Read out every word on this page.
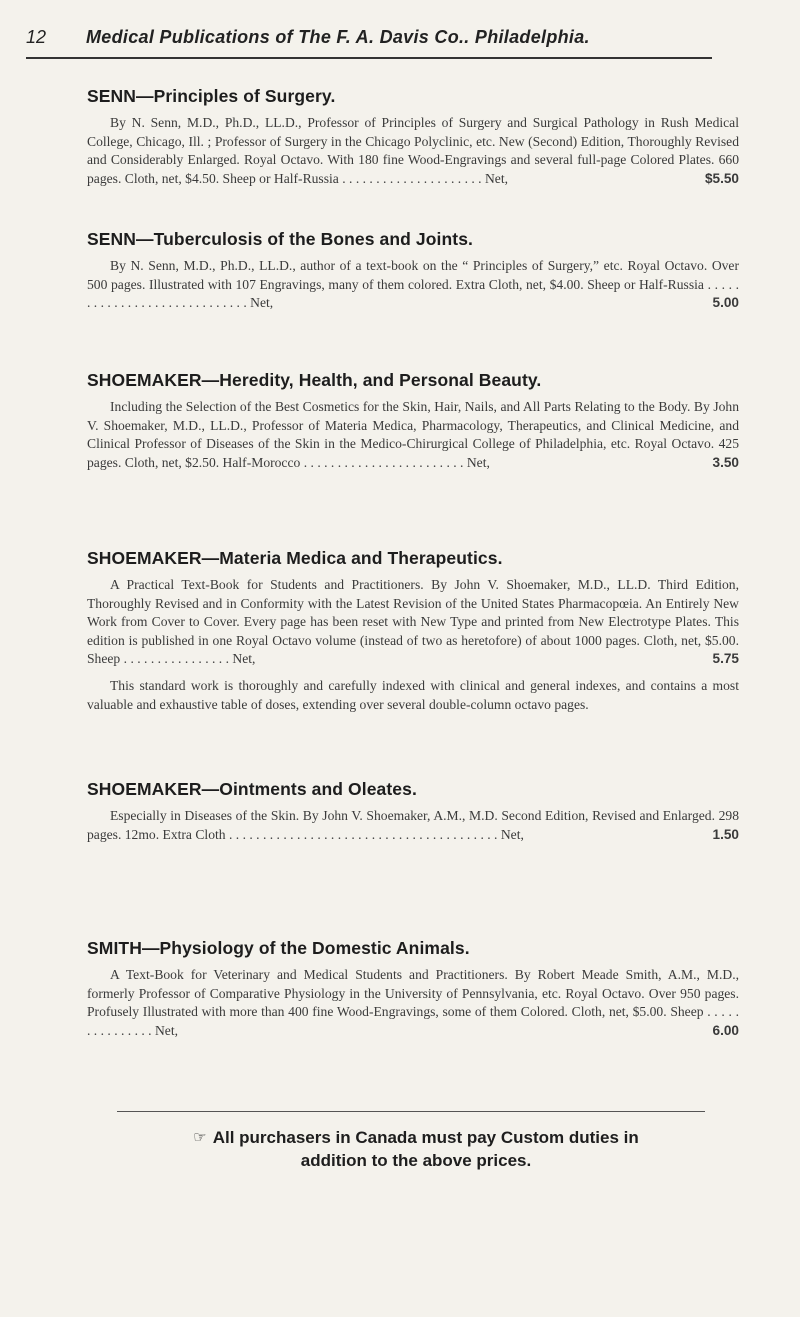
12 Medical Publications of The F. A. Davis Co.. Philadelphia.
SENN—Principles of Surgery.
By N. Senn, M.D., Ph.D., LL.D., Professor of Principles of Surgery and Surgical Pathology in Rush Medical College, Chicago, Ill. ; Professor of Surgery in the Chicago Polyclinic, etc. New (Second) Edition, Thoroughly Revised and Considerably Enlarged. Royal Octavo. With 180 fine Wood-Engravings and several full-page Colored Plates. 660 pages. Cloth, net, $4.50. Sheep or Half-Russia . . . . . . . . . . . . . . . . . . . . . Net,	$5.50
SENN—Tuberculosis of the Bones and Joints.
By N. Senn, M.D., Ph.D., LL.D., author of a text-book on the “ Principles of Surgery,” etc. Royal Octavo. Over 500 pages. Illustrated with 107 Engravings, many of them colored. Extra Cloth, net, $4.00. Sheep or Half-Russia . . . . . . . . . . . . . . . . . . . . . . . . . . . . . Net,	5.00
SHOEMAKER—Heredity, Health, and Personal Beauty.
Including the Selection of the Best Cosmetics for the Skin, Hair, Nails, and All Parts Relating to the Body. By John V. Shoemaker, M.D., LL.D., Professor of Materia Medica, Pharmacology, Therapeutics, and Clinical Medicine, and Clinical Professor of Diseases of the Skin in the Medico-Chirurgical College of Philadelphia, etc. Royal Octavo. 425 pages. Cloth, net, $2.50. Half-Morocco . . . . . . . . . . . . . . . . . . . . . . . . Net,	3.50
SHOEMAKER—Materia Medica and Therapeutics.
A Practical Text-Book for Students and Practitioners. By John V. Shoemaker, M.D., LL.D. Third Edition, Thoroughly Revised and in Conformity with the Latest Revision of the United States Pharmacopœia. An Entirely New Work from Cover to Cover. Every page has been reset with New Type and printed from New Electrotype Plates. This edition is published in one Royal Octavo volume (instead of two as heretofore) of about 1000 pages. Cloth, net, $5.00. Sheep . . . . . . . . . . . . . . . . Net,	5.75
This standard work is thoroughly and carefully indexed with clinical and general indexes, and contains a most valuable and exhaustive table of doses, extending over several double-column octavo pages.
SHOEMAKER—Ointments and Oleates.
Especially in Diseases of the Skin. By John V. Shoemaker, A.M., M.D. Second Edition, Revised and Enlarged. 298 pages. 12mo. Extra Cloth . . . . . . . . . . . . . . . . . . . . . . . . . . . . . . . . . . . . . . . . Net,	1.50
SMITH—Physiology of the Domestic Animals.
A Text-Book for Veterinary and Medical Students and Practitioners. By Robert Meade Smith, A.M., M.D., formerly Professor of Comparative Physiology in the University of Pennsylvania, etc. Royal Octavo. Over 950 pages. Profusely Illustrated with more than 400 fine Wood-Engravings, some of them Colored. Cloth, net, $5.00. Sheep . . . . . . . . . . . . . . . Net,	6.00
☞ All purchasers in Canada must pay Custom duties in
addition to the above prices.
